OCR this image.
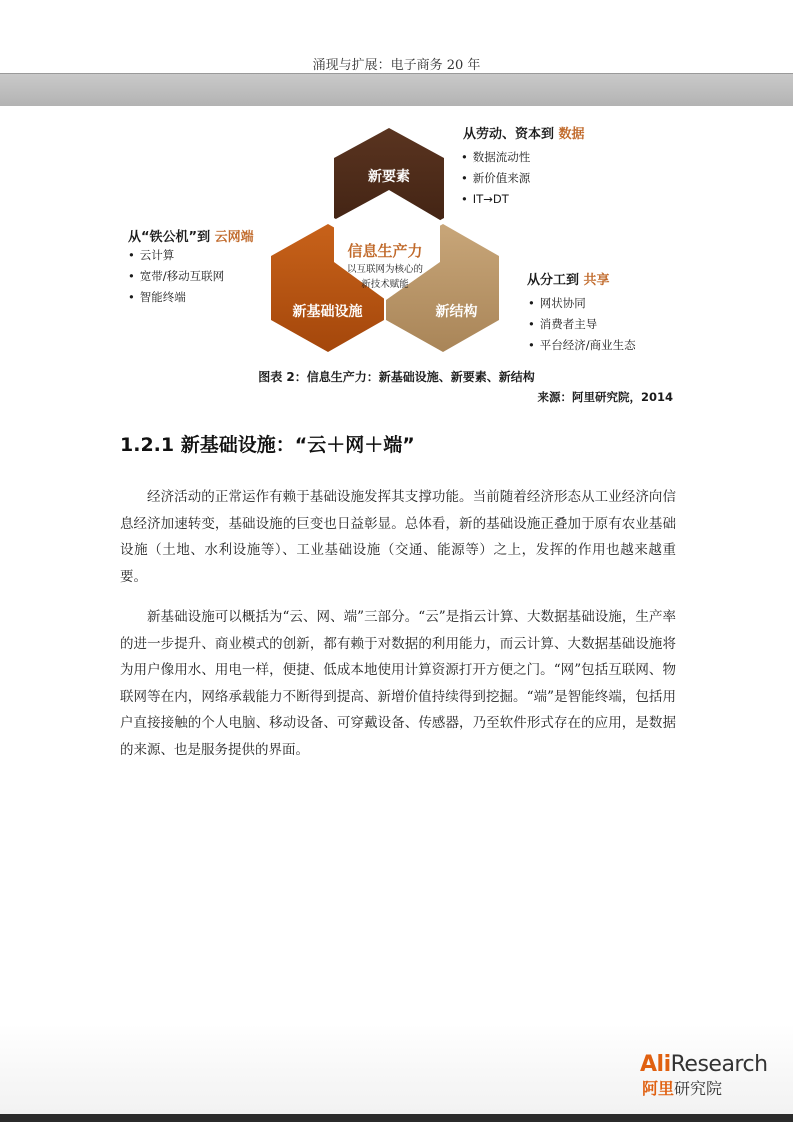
涌现与扩展：电子商务 20 年
新要素
新基础设施	新结构
信息生产力
以互联网为核心的
新技术赋能
从劳动、资本到 数据
• 数据流动性
• 新价值来源
• IT→DT
从“铁公机”到 云网端
• 云计算
• 宽带/移动互联网
• 智能终端
从分工到 共享
• 网状协同
• 消费者主导
• 平台经济/商业生态
图表 2：信息生产力：新基础设施、新要素、新结构
来源：阿里研究院，2014
1.2.1 新基础设施：“云＋网＋端”

经济活动的正常运作有赖于基础设施发挥其支撑功能。当前随着经济形态从工业经济向信息经济加速转变，基础设施的巨变也日益彰显。总体看，新的基础设施正叠加于原有农业基础设施（土地、水利设施等）、工业基础设施（交通、能源等）之上，发挥的作用也越来越重要。

新基础设施可以概括为“云、网、端”三部分。“云”是指云计算、大数据基础设施，生产率的进一步提升、商业模式的创新，都有赖于对数据的利用能力，而云计算、大数据基础设施将为用户像用水、用电一样，便捷、低成本地使用计算资源打开方便之门。“网”包括互联网、物联网等在内，网络承载能力不断得到提高、新增价值持续得到挖掘。“端”是智能终端，包括用户直接接触的个人电脑、移动设备、可穿戴设备、传感器，乃至软件形式存在的应用，是数据的来源、也是服务提供的界面。

AliResearch
阿里研究院
